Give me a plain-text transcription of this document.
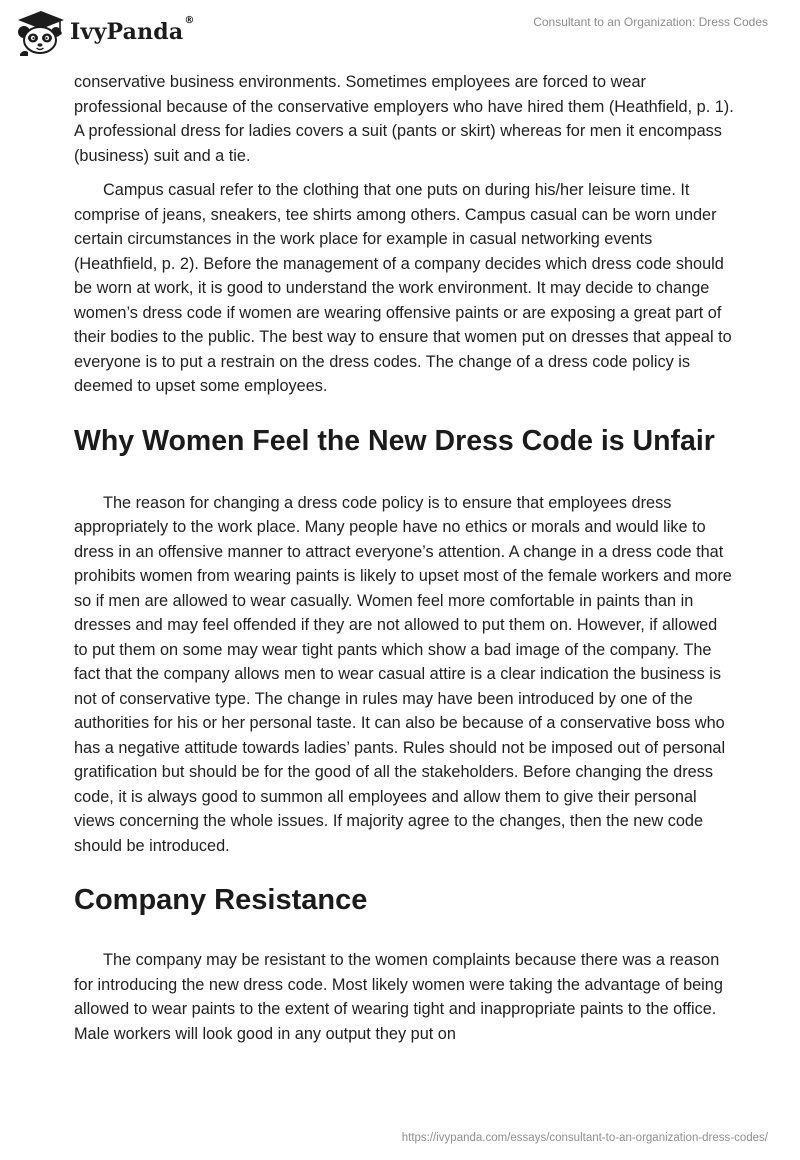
IvyPanda®	Consultant to an Organization: Dress Codes

conservative business environments. Sometimes employees are forced to wear professional because of the conservative employers who have hired them (Heathfield, p. 1). A professional dress for ladies covers a suit (pants or skirt) whereas for men it encompass (business) suit and a tie.

Campus casual refer to the clothing that one puts on during his/her leisure time. It comprise of jeans, sneakers, tee shirts among others. Campus casual can be worn under certain circumstances in the work place for example in casual networking events (Heathfield, p. 2). Before the management of a company decides which dress code should be worn at work, it is good to understand the work environment. It may decide to change women’s dress code if women are wearing offensive paints or are exposing a great part of their bodies to the public. The best way to ensure that women put on dresses that appeal to everyone is to put a restrain on the dress codes. The change of a dress code policy is deemed to upset some employees.

Why Women Feel the New Dress Code is Unfair

The reason for changing a dress code policy is to ensure that employees dress appropriately to the work place. Many people have no ethics or morals and would like to dress in an offensive manner to attract everyone’s attention. A change in a dress code that prohibits women from wearing paints is likely to upset most of the female workers and more so if men are allowed to wear casually. Women feel more comfortable in paints than in dresses and may feel offended if they are not allowed to put them on. However, if allowed to put them on some may wear tight pants which show a bad image of the company. The fact that the company allows men to wear casual attire is a clear indication the business is not of conservative type. The change in rules may have been introduced by one of the authorities for his or her personal taste. It can also be because of a conservative boss who has a negative attitude towards ladies’ pants. Rules should not be imposed out of personal gratification but should be for the good of all the stakeholders. Before changing the dress code, it is always good to summon all employees and allow them to give their personal views concerning the whole issues. If majority agree to the changes, then the new code should be introduced.

Company Resistance

The company may be resistant to the women complaints because there was a reason for introducing the new dress code. Most likely women were taking the advantage of being allowed to wear paints to the extent of wearing tight and inappropriate paints to the office. Male workers will look good in any output they put on

https://ivypanda.com/essays/consultant-to-an-organization-dress-codes/
